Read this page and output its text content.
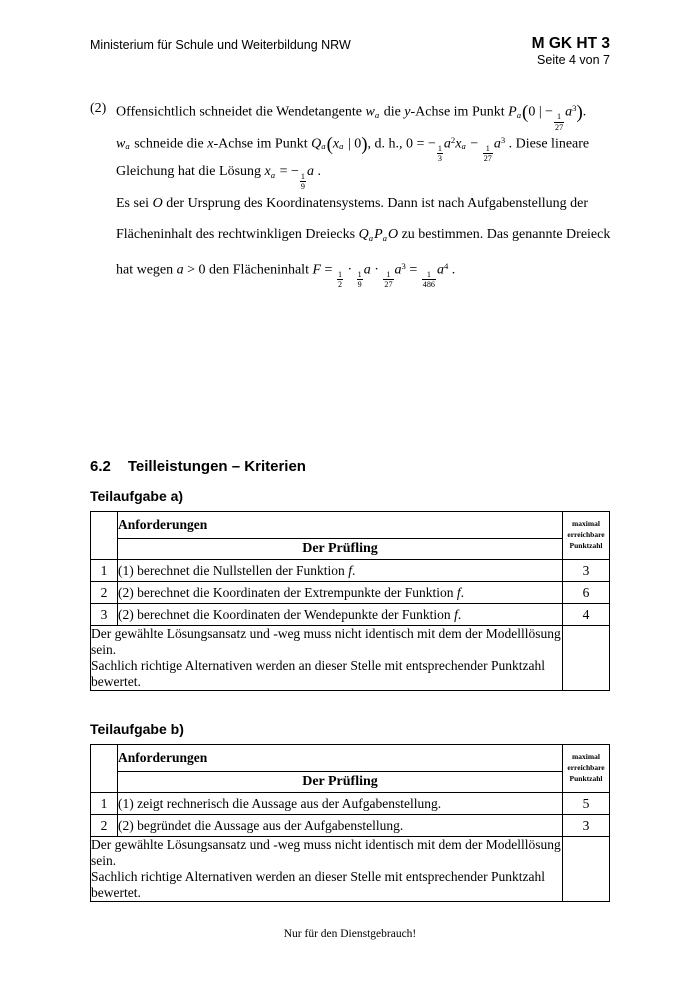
Ministerium für Schule und Weiterbildung NRW	M GK HT 3
Seite 4 von 7
(2) Offensichtlich schneidet die Wendetangente wa die y-Achse im Punkt Pa(0 | −
$\frac{1}{27}$
$a^3$).
wa schneide die x-Achse im Punkt Qa(xa | 0), d. h., 0 = −
$\frac{1}{3}$
$a^2xa$ −
$\frac{1}{27}$
$a^3$ . Diese lineare
Gleichung hat die Lösung xa = −
$\frac{1}{9}$
a .
Es sei O der Ursprung des Koordinatensystems. Dann ist nach Aufgabenstellung der
Flächeninhalt des rechtwinkligen Dreiecks QaPaO zu bestimmen. Das genannte Dreieck
hat wegen a > 0 den Flächeninhalt F =
$\frac{1}{2}$
·
$\frac{1}{9}$
a ·
$\frac{1}{27}$
$a^3$ =
$\frac{1}{486}$
$a^4$ .
6.2 Teilleistungen – Kriterien
Teilaufgabe a)
	Anforderungen	maximal erreichbare Punktzahl
	Der Prüfling	
1	(1) berechnet die Nullstellen der Funktion f.	3
2	(2) berechnet die Koordinaten der Extrempunkte der Funktion f.	6
3	(2) berechnet die Koordinaten der Wendepunkte der Funktion f.	4

Der gewählte Lösungsansatz und -weg muss nicht identisch mit dem der Modelllösung sein.
Sachlich richtige Alternativen werden an dieser Stelle mit entsprechender Punktzahl bewertet.		

Teilaufgabe b)
	Anforderungen	maximal erreichbare Punktzahl
	Der Prüfling	
1	(1) zeigt rechnerisch die Aussage aus der Aufgabenstellung.	5
2	(2) begründet die Aussage aus der Aufgabenstellung.	3

Der gewählte Lösungsansatz und -weg muss nicht identisch mit dem der Modelllösung sein.
Sachlich richtige Alternativen werden an dieser Stelle mit entsprechender Punktzahl bewertet.		

Nur für den Dienstgebrauch!
